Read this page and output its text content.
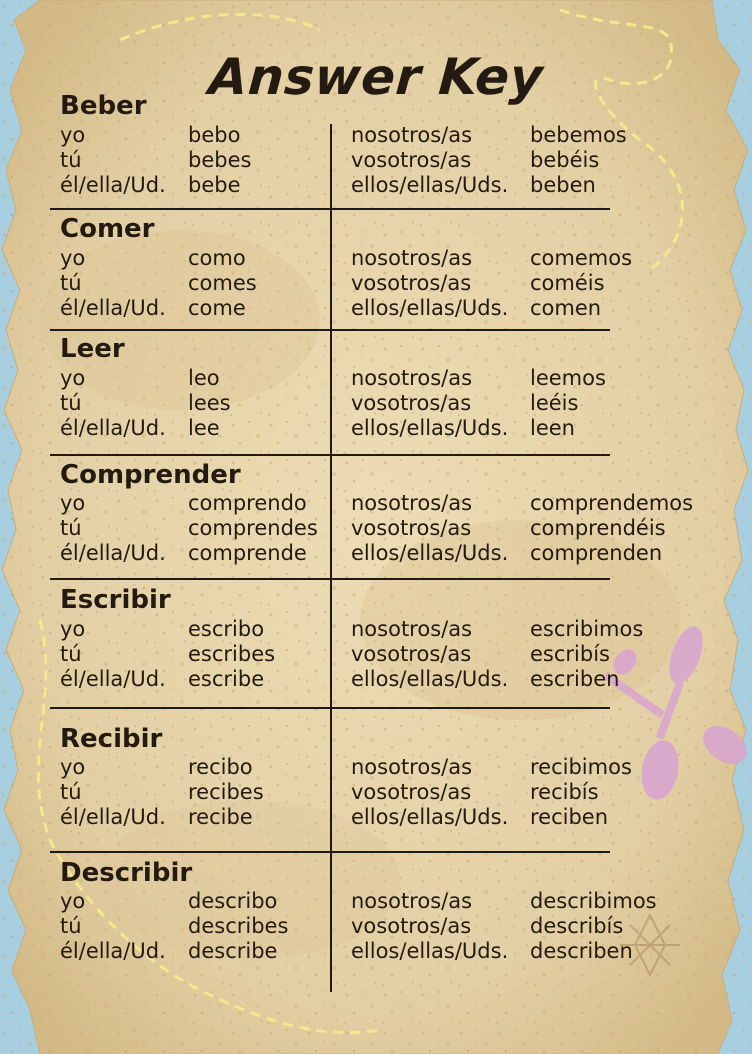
Answer Key
Beber
yo	bebo	nosotros/as	bebemos
tú	bebes	vosotros/as	bebéis
él/ella/Ud. bebe	ellos/ellas/Uds. beben
Comer
yo	como	nosotros/as	comemos
tú	comes	vosotros/as	coméis
él/ella/Ud. come	ellos/ellas/Uds. comen
Leer
yo	leo	nosotros/as	leemos
tú	lees	vosotros/as	leéis
él/ella/Ud. lee	ellos/ellas/Uds. leen
Comprender
yo	comprendo nosotros/as	comprendemos
tú	comprendes vosotros/as	comprendéis
él/ella/Ud. comprende ellos/ellas/Uds. comprenden
Escribir
yo	escribo	nosotros/as	escribimos
tú	escribes	vosotros/as	escribís
él/ella/Ud. escribe	ellos/ellas/Uds. escriben
Recibir
yo	recibo	nosotros/as	recibimos
tú	recibes	vosotros/as	recibís
él/ella/Ud. recibe	ellos/ellas/Uds. reciben
Describir
yo	describo	nosotros/as	describimos
tú	describes	vosotros/as	describís
él/ella/Ud. describe	ellos/ellas/Uds. describen
